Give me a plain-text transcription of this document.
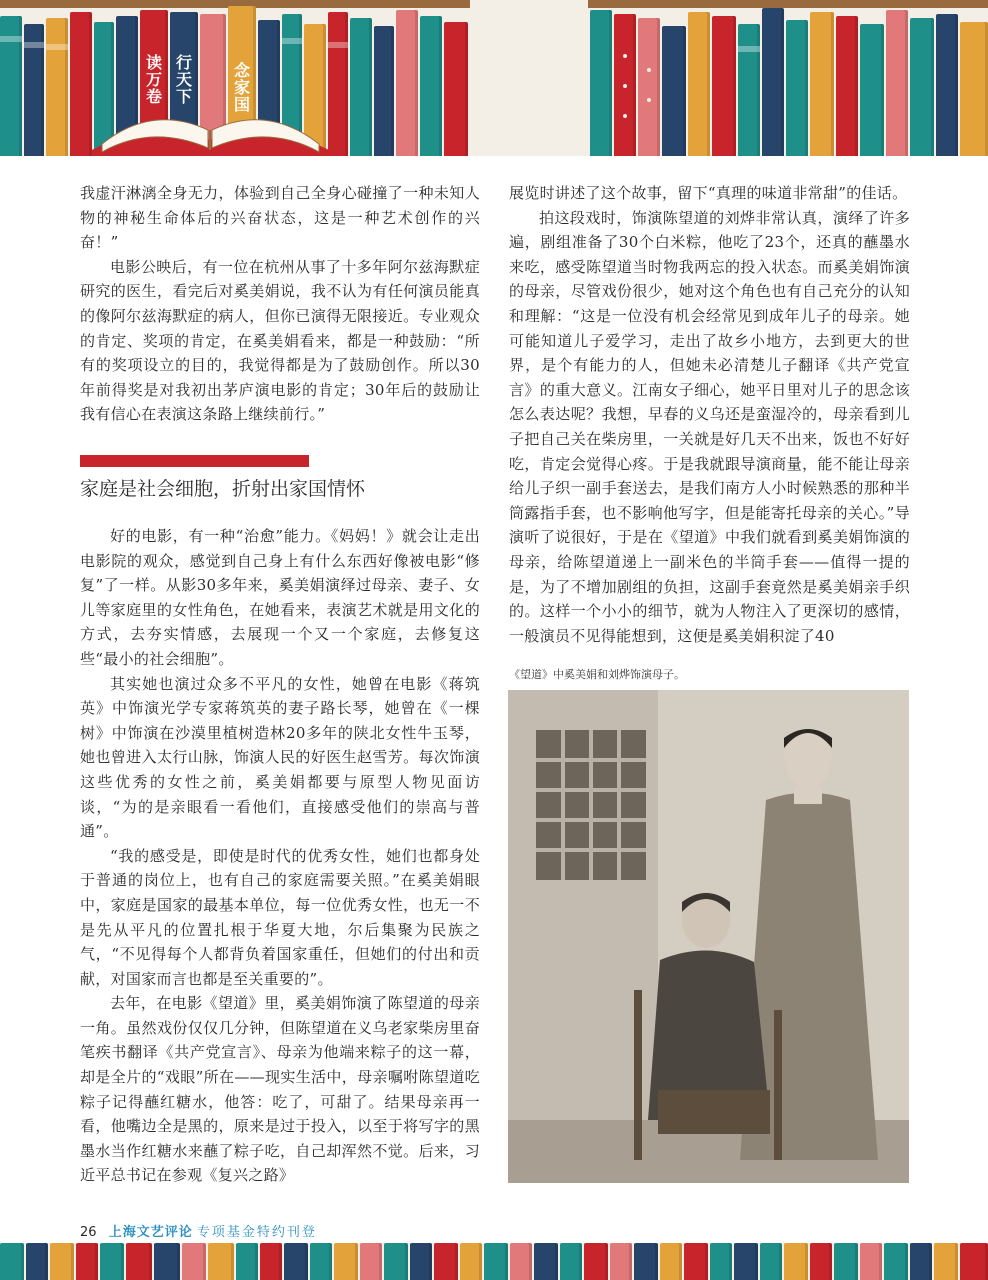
读万卷
行天下
念家国

我虚汗淋漓全身无力，体验到自己全身心碰撞了一种未知人物的神秘生命体后的兴奋状态，这是一种艺术创作的兴奋！”

电影公映后，有一位在杭州从事了十多年阿尔兹海默症研究的医生，看完后对奚美娟说，我不认为有任何演员能真的像阿尔兹海默症的病人，但你已演得无限接近。专业观众的肯定、奖项的肯定，在奚美娟看来，都是一种鼓励：“所有的奖项设立的目的，我觉得都是为了鼓励创作。所以30年前得奖是对我初出茅庐演电影的肯定；30年后的鼓励让我有信心在表演这条路上继续前行。”

家庭是社会细胞，折射出家国情怀

好的电影，有一种“治愈”能力。《妈妈！》就会让走出电影院的观众，感觉到自己身上有什么东西好像被电影“修复”了一样。从影30多年来，奚美娟演绎过母亲、妻子、女儿等家庭里的女性角色，在她看来，表演艺术就是用文化的方式，去夯实情感，去展现一个又一个家庭，去修复这些“最小的社会细胞”。

其实她也演过众多不平凡的女性，她曾在电影《蒋筑英》中饰演光学专家蒋筑英的妻子路长琴，她曾在《一棵树》中饰演在沙漠里植树造林20多年的陕北女性牛玉琴，她也曾进入太行山脉，饰演人民的好医生赵雪芳。每次饰演这些优秀的女性之前，奚美娟都要与原型人物见面访谈，“为的是亲眼看一看他们，直接感受他们的崇高与普通”。

“我的感受是，即使是时代的优秀女性，她们也都身处于普通的岗位上，也有自己的家庭需要关照。”在奚美娟眼中，家庭是国家的最基本单位，每一位优秀女性，也无一不是先从平凡的位置扎根于华夏大地，尔后集聚为民族之气，“不见得每个人都背负着国家重任，但她们的付出和贡献，对国家而言也都是至关重要的”。

去年，在电影《望道》里，奚美娟饰演了陈望道的母亲一角。虽然戏份仅仅几分钟，但陈望道在义乌老家柴房里奋笔疾书翻译《共产党宣言》、母亲为他端来粽子的这一幕，却是全片的“戏眼”所在——现实生活中，母亲嘱咐陈望道吃粽子记得蘸红糖水，他答：吃了，可甜了。结果母亲再一看，他嘴边全是黑的，原来是过于投入，以至于将写字的黑墨水当作红糖水来蘸了粽子吃，自己却浑然不觉。后来，习近平总书记在参观《复兴之路》

展览时讲述了这个故事，留下“真理的味道非常甜”的佳话。

拍这段戏时，饰演陈望道的刘烨非常认真，演绎了许多遍，剧组准备了30个白米粽，他吃了23个，还真的蘸墨水来吃，感受陈望道当时物我两忘的投入状态。而奚美娟饰演的母亲，尽管戏份很少，她对这个角色也有自己充分的认知和理解：“这是一位没有机会经常见到成年儿子的母亲。她可能知道儿子爱学习，走出了故乡小地方，去到更大的世界，是个有能力的人，但她未必清楚儿子翻译《共产党宣言》的重大意义。江南女子细心，她平日里对儿子的思念该怎么表达呢？我想，早春的义乌还是蛮湿冷的，母亲看到儿子把自己关在柴房里，一关就是好几天不出来，饭也不好好吃，肯定会觉得心疼。于是我就跟导演商量，能不能让母亲给儿子织一副手套送去，是我们南方人小时候熟悉的那种半筒露指手套，也不影响他写字，但是能寄托母亲的关心。”导演听了说很好，于是在《望道》中我们就看到奚美娟饰演的母亲，给陈望道递上一副米色的半筒手套——值得一提的是，为了不增加剧组的负担，这副手套竟然是奚美娟亲手织的。这样一个小小的细节，就为人物注入了更深切的感情，一般演员不见得能想到，这便是奚美娟积淀了40

《望道》中奚美娟和刘烨饰演母子。
26 上海文艺评论 专项基金特约刊登
